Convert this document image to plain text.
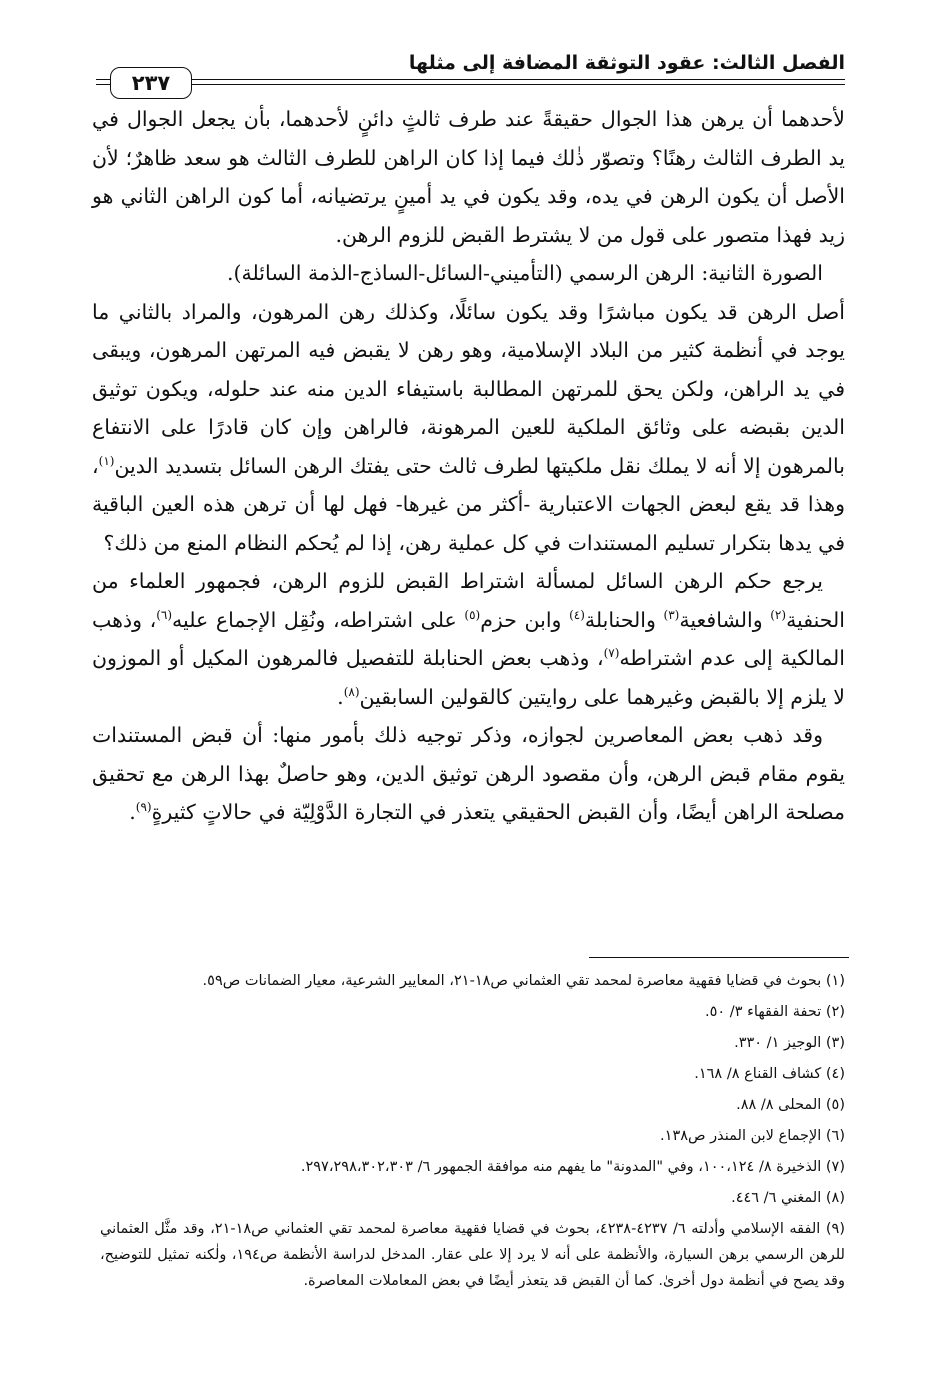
الفصل الثالث: عقود التوثقة المضافة إلى مثلها
٢٣٧

لأحدهما أن يرهن هذا الجوال حقيقةً عند طرف ثالثٍ دائنٍ لأحدهما، بأن يجعل الجوال في يد الطرف الثالث رهنًا؟ وتصوّر ذٰلك فيما إذا كان الراهن للطرف الثالث هو سعد ظاهرٌ؛ لأن الأصل أن يكون الرهن في يده، وقد يكون في يد أمينٍ يرتضيانه، أما كون الراهن الثاني هو زيد فهذا متصور على قول من لا يشترط القبض للزوم الرهن.

الصورة الثانية: الرهن الرسمي (التأميني-السائل-الساذج-الذمة السائلة).

أصل الرهن قد يكون مباشرًا وقد يكون سائلًا، وكذلك رهن المرهون، والمراد بالثاني ما يوجد في أنظمة كثير من البلاد الإسلامية، وهو رهن لا يقبض فيه المرتهن المرهون، ويبقى في يد الراهن، ولكن يحق للمرتهن المطالبة باستيفاء الدين منه عند حلوله، ويكون توثيق الدين بقبضه على وثائق الملكية للعين المرهونة، فالراهن وإن كان قادرًا على الانتفاع بالمرهون إلا أنه لا يملك نقل ملكيتها لطرف ثالث حتى يفتك الرهن السائل بتسديد الدين$^{(١)}$، وهذا قد يقع لبعض الجهات الاعتبارية -أكثر من غيرها- فهل لها أن ترهن هذه العين الباقية في يدها بتكرار تسليم المستندات في كل عملية رهن، إذا لم يُحكم النظام المنع من ذلك؟

يرجع حكم الرهن السائل لمسألة اشتراط القبض للزوم الرهن، فجمهور العلماء من الحنفية$^{(٢)}$ والشافعية$^{(٣)}$ والحنابلة$^{(٤)}$ وابن حزم$^{(٥)}$ على اشتراطه، ونُقِل الإجماع عليه$^{(٦)}$، وذهب المالكية إلى عدم اشتراطه$^{(٧)}$، وذهب بعض الحنابلة للتفصيل فالمرهون المكيل أو الموزون لا يلزم إلا بالقبض وغيرهما على روايتين كالقولين السابقين$^{(٨)}$.

وقد ذهب بعض المعاصرين لجوازه، وذكر توجيه ذلك بأمور منها: أن قبض المستندات يقوم مقام قبض الرهن، وأن مقصود الرهن توثيق الدين، وهو حاصلٌ بهذا الرهن مع تحقيق مصلحة الراهن أيضًا، وأن القبض الحقيقي يتعذر في التجارة الدَّوْلِيّة في حالاتٍ كثيرةٍ$^{(٩)}$.

(١) بحوث في قضايا فقهية معاصرة لمحمد تقي العثماني ص١٨-٢١، المعايير الشرعية، معيار الضمانات ص٥٩.

(٢) تحفة الفقهاء ٣/ ٥٠.

(٣) الوجيز ١/ ٣٣٠.

(٤) كشاف القناع ٨/ ١٦٨.

(٥) المحلى ٨/ ٨٨.

(٦) الإجماع لابن المنذر ص١٣٨.

(٧) الذخيرة ٨/ ١٠٠،١٢٤، وفي "المدونة" ما يفهم منه موافقة الجمهور ٦/ ٢٩٧،٢٩٨،٣٠٢،٣٠٣.

(٨) المغني ٦/ ٤٤٦.

(٩) الفقه الإسلامي وأدلته ٦/ ٤٢٣٧-٤٢٣٨، بحوث في قضايا فقهية معاصرة لمحمد تقي العثماني ص١٨-٢١، وقد مثَّل العثماني للرهن الرسمي برهن السيارة، والأنظمة على أنه لا يرد إلا على عقار. المدخل لدراسة الأنظمة ص١٩٤، ولٰكنه تمثيل للتوضيح، وقد يصح في أنظمة دول أخرىٰ. كما أن القبض قد يتعذر أيضًا في بعض المعاملات المعاصرة.
